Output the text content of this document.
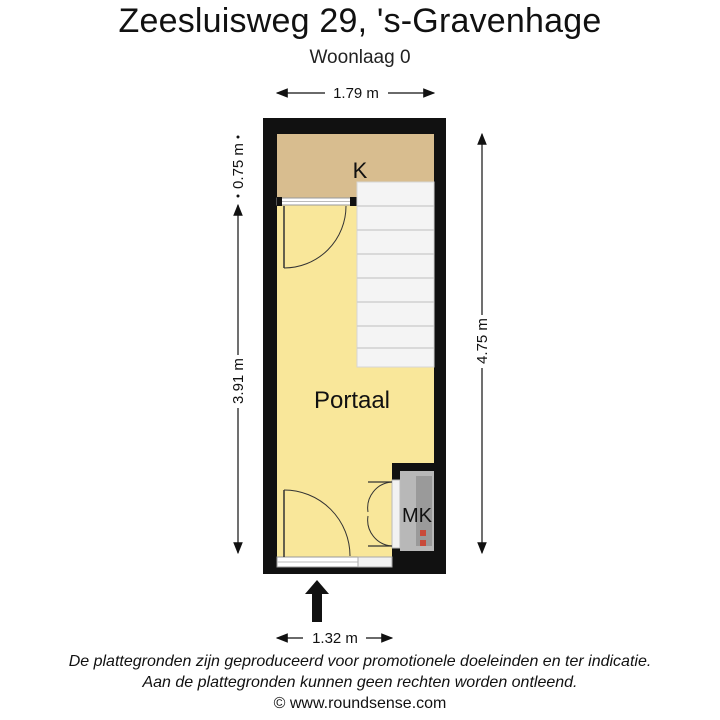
Zeesluisweg 29, 's-Gravenhage
Woonlaag 0
K
Portaal
MK
1.79 m
1.32 m
0.75 m
3.91 m
4.75 m
De plattegronden zijn geproduceerd voor promotionele doeleinden en ter indicatie.
Aan de plattegronden kunnen geen rechten worden ontleend.
© www.roundsense.com
